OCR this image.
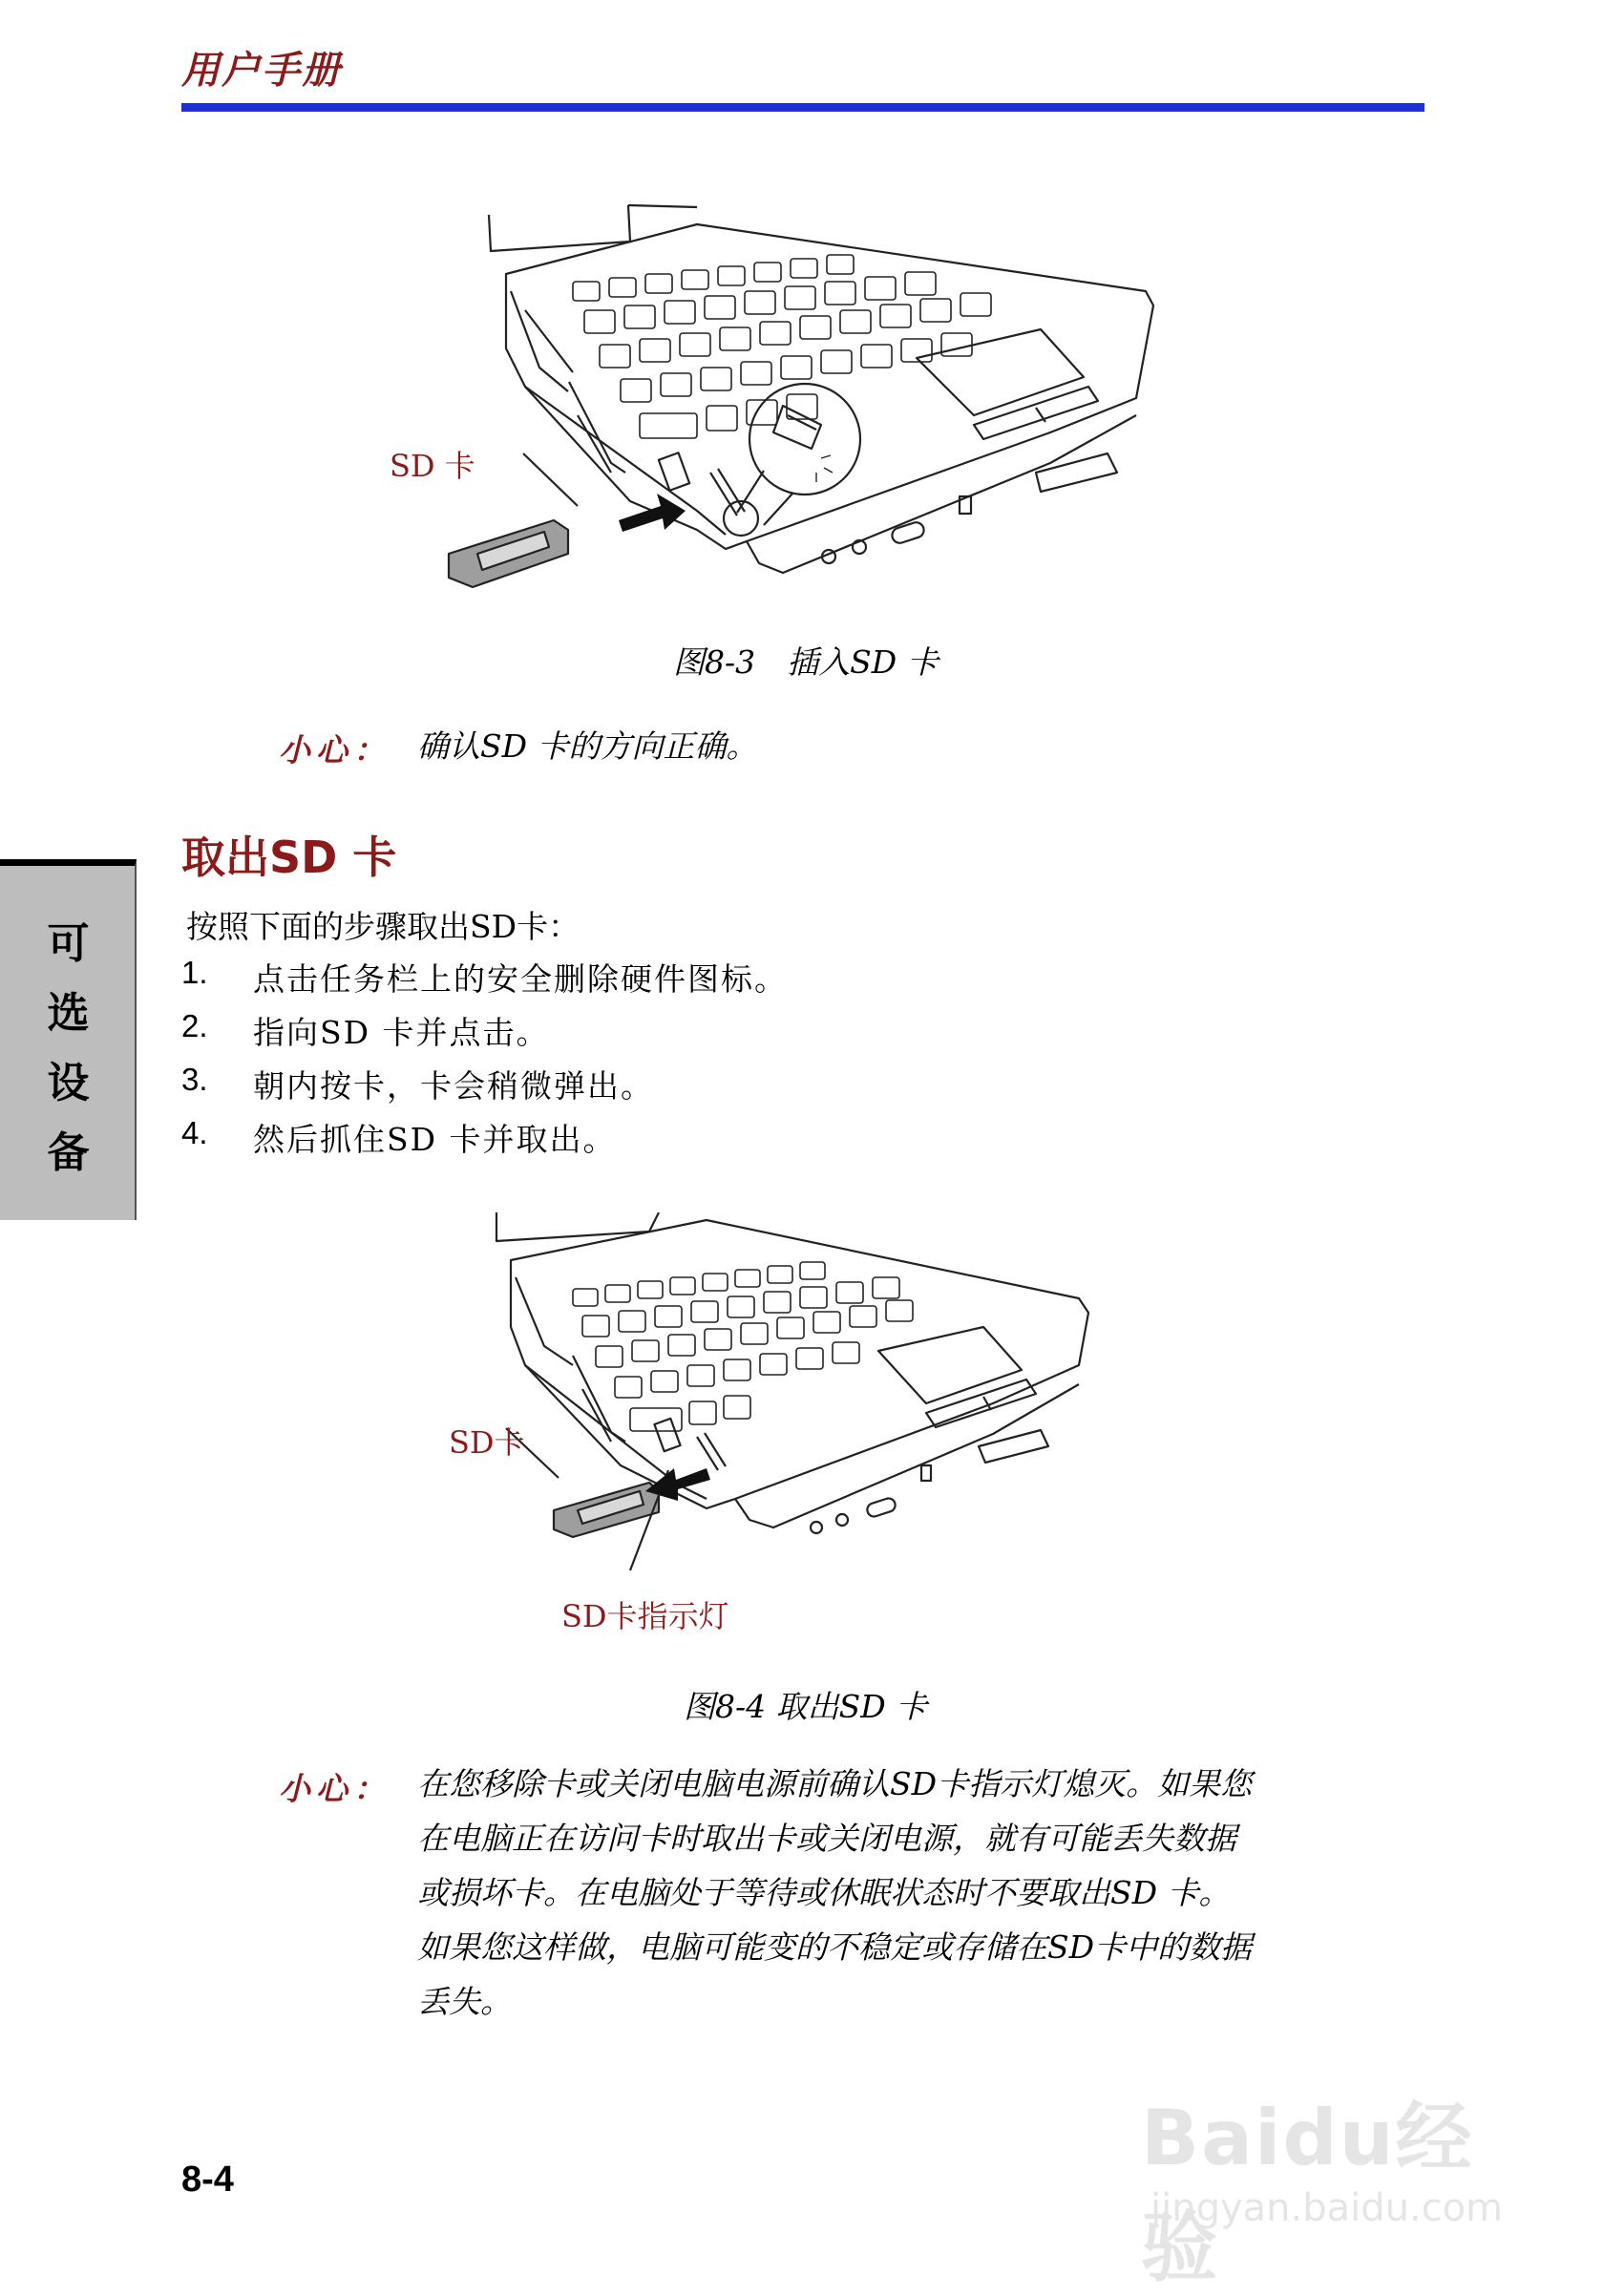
用户手册
可
选
设
备
SD 卡
图8-3　插入SD 卡
小心： 确认SD 卡的方向正确。
取出SD 卡
按照下面的步骤取出SD卡：
1. 点击任务栏上的安全删除硬件图标。
2. 指向SD 卡并点击。
3. 朝内按卡，卡会稍微弹出。
4. 然后抓住SD 卡并取出。
SD卡
SD卡指示灯
图8-4 取出SD 卡
小心： 在您移除卡或关闭电脑电源前确认SD卡指示灯熄灭。如果您
在电脑正在访问卡时取出卡或关闭电源，就有可能丢失数据
或损坏卡。在电脑处于等待或休眠状态时不要取出SD 卡。
如果您这样做，电脑可能变的不稳定或存储在SD卡中的数据
丢失。
8-4	Baidu经验
jingyan.baidu.com
